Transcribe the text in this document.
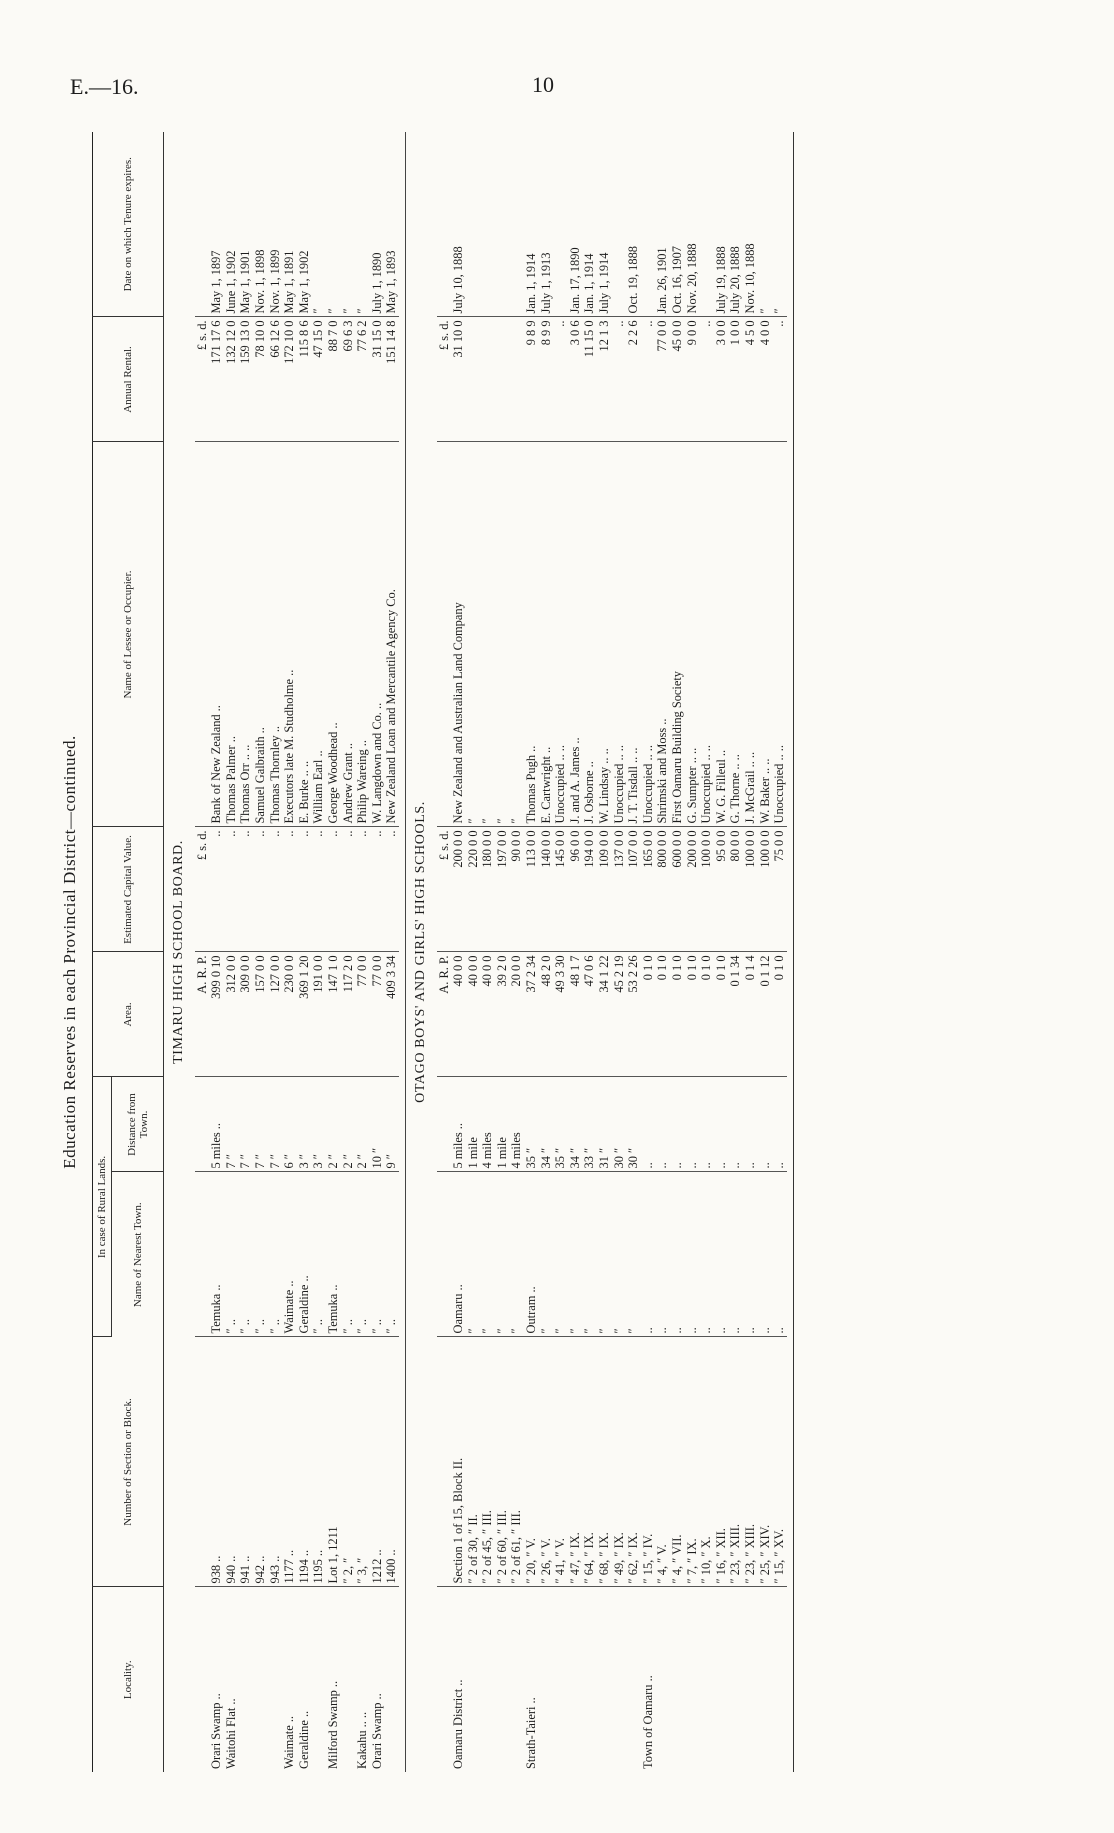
E.—16.	10
Education Reserves in each Provincial District—continued.
Locality.	Number of Section or Block.	In case of Rural Lands.		Area.	Estimated Capital Value.	Name of Lessee or Occupier.	Annual Rental.	Date on which Tenure expires.
		Name of Nearest Town.	Distance from Town.					
TIMARU HIGH SCHOOL BOARD.								
				A. R. P.	£ s. d.		£ s. d.	
Orari Swamp ..	938 ..	Temuka ..	5 miles ..	399 0 10	..	Bank of New Zealand ..	171 17 6	May 1, 1897
Waitohi Flat ..	940 ..	″ ..	7 ″	312 0 0	..	Thomas Palmer ..	132 12 0	June 1, 1902
	941 ..	″ ..	7 ″	309 0 0	..	Thomas Orr .. ..	159 13 0	May 1, 1901
	942 ..	″ ..	7 ″	157 0 0	..	Samuel Galbraith ..	78 10 0	Nov. 1, 1898
	943 ..	″ ..	7 ″	127 0 0	..	Thomas Thornley ..	66 12 6	Nov. 1, 1899
Waimate ..	1177 ..	Waimate ..	6 ″	230 0 0	..	Executors late M. Studholme ..	172 10 0	May 1, 1891
Geraldine ..	1194 ..	Geraldine ..	3 ″	369 1 20	..	E. Burke .. ..	115 8 6	May 1, 1902
	1195 ..	″ ..	3 ″	191 0 0	..	William Earl ..	47 15 0	″
Milford Swamp ..	Lot 1, 1211	Temuka ..	2 ″	147 1 0	..	George Woodhead ..	88 7 0	″
	″ 2, ″	″ ..	2 ″	117 2 0	..	Andrew Grant ..	69 6 3	″
Kakahu .. ..	″ 3, ″	″ ..	2 ″	77 0 0	..	Philip Wareing ..	77 6 2	″
Orari Swamp ..	1212 ..	″ ..	10 ″	77 0 0	..	W. Langdown and Co. ..	31 15 0	July 1, 1890
	1400 ..	″ ..	9 ″	409 3 34	..	New Zealand Loan and Mercantile Agency Co.	151 14 8	May 1, 1893

OTAGO BOYS' AND GIRLS' HIGH SCHOOLS.								
				A. R. P.	£ s. d.		£ s. d.	
Oamaru District ..	Section 1 of 15, Block II.	Oamaru ..	5 miles ..	40 0 0	200 0 0	New Zealand and Australian Land Company	31 10 0	July 10, 1888
	″ 2 of 30, ″ II.	″	1 mile	40 0 0	220 0 0	″		
	″ 2 of 45, ″ III.	″	4 miles	40 0 0	180 0 0	″		
	″ 2 of 60, ″ III.	″	1 mile	39 2 0	197 0 0	″		
	″ 2 of 61, ″ III.	″	4 miles	20 0 0	90 0 0	″		
Strath-Taieri ..	″ 20, ″ V.	Outram ..	35 ″	37 2 34	113 0 0	Thomas Pugh ..	9 8 9	Jan. 1, 1914
	″ 26, ″ V.	″	34 ″	48 2 0	140 0 0	E. Cartwright ..	8 9 9	July 1, 1913
	″ 41, ″ V.	″	35 ″	49 3 30	145 0 0	Unoccupied .. ..	..	
	″ 47, ″ IX.	″	34 ″	48 1 7	96 0 0	J. and A. James ..	3 0 6	Jan. 17, 1890
	″ 64, ″ IX.	″	33 ″	47 0 6	194 0 0	J. Osborne ..	11 15 0	Jan. 1, 1914
	″ 68, ″ IX.	″	31 ″	34 1 22	109 0 0	W. Lindsay .. ..	12 1 3	July 1, 1914
	″ 49, ″ IX.	″	30 ″	45 2 19	137 0 0	Unoccupied .. ..	..	
	″ 62, ″ IX.	″	30 ″	53 2 26	107 0 0	J. T. Tisdall .. ..	2 2 6	Oct. 19, 1888
Town of Oamaru ..	″ 15, ″ IV.	..	..	0 1 0	165 0 0	Unoccupied .. ..	..	
	″ 4, ″ V.	..	..	0 1 0	800 0 0	Shrimski and Moss ..	77 0 0	Jan. 26, 1901
	″ 4, ″ VII.	..	..	0 1 0	600 0 0	First Oamaru Building Society	45 0 0	Oct. 16, 1907
	″ 7, ″ IX.	..	..	0 1 0	200 0 0	G. Sumpter .. ..	9 0 0	Nov. 20, 1888
	″ 10, ″ X.	..	..	0 1 0	100 0 0	Unoccupied .. ..	..	
	″ 16, ″ XII.	..	..	0 1 0	95 0 0	W. G. Filleul ..	3 0 0	July 19, 1888
	″ 23, ″ XIII.	..	..	0 1 34	80 0 0	G. Thorne .. ..	1 0 0	July 20, 1888
	″ 23, ″ XIII.	..	..	0 1 4	100 0 0	J. McGrail .. ..	4 5 0	Nov. 10, 1888
	″ 25, ″ XIV.	..	..	0 1 12	100 0 0	W. Baker .. ..	4 0 0	″
	″ 15, ″ XV.	..	..	0 1 0	75 0 0	Unoccupied .. ..	..	″
